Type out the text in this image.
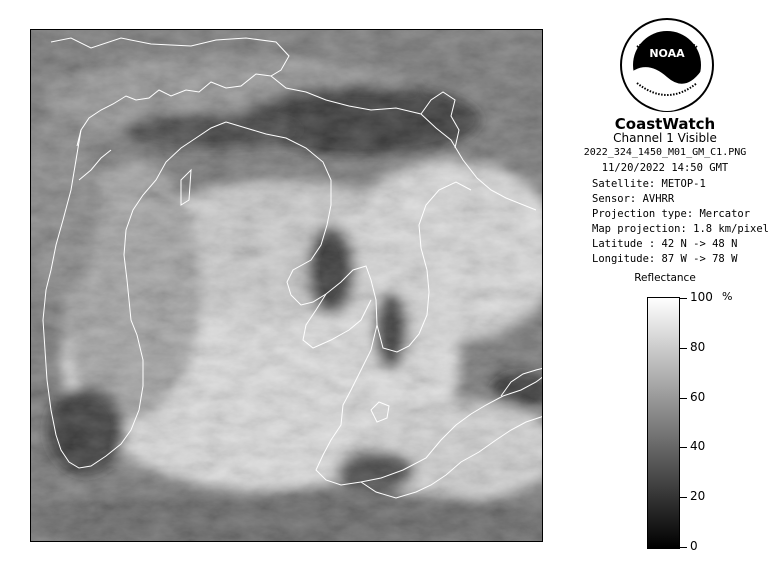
NOAA
CoastWatch
Channel 1 Visible
2022_324_1450_M01_GM_C1.PNG
11/20/2022 14:50 GMT
Satellite: METOP-1
Sensor: AVHRR
Projection type: Mercator
Map projection: 1.8 km/pixel
Latitude : 42 N -> 48 N
Longitude: 87 W -> 78 W
Reflectance
%
100
80
60
40
20
0
